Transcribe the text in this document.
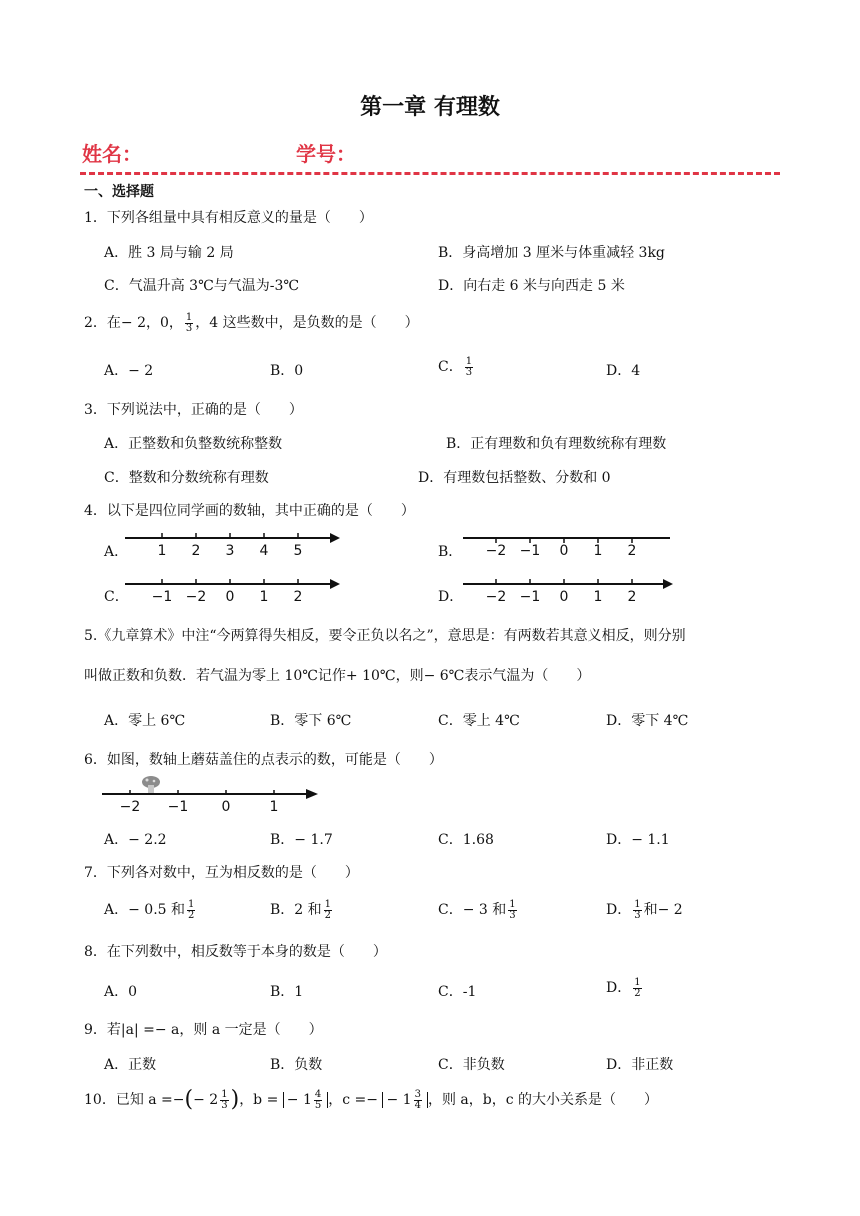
第一章 有理数
姓名：	学号：
一、选择题
1．下列各组量中具有相反意义的量是（　　）
A．胜 3 局与输 2 局	B．身高增加 3 厘米与体重减轻 3kg
C．气温升高 3℃与气温为-3℃	D．向右走 6 米与向西走 5 米
2．在− 2，0， $\frac{1}{3}$ ，4 这些数中，是负数的是（　　）
A．− 2	B．0	C． $\frac{1}{3}$	D．4
3．下列说法中，正确的是（　　）
A．正整数和负整数统称整数	B．正有理数和负有理数统称有理数
C．整数和分数统称有理数	D．有理数包括整数、分数和 0
4．以下是四位同学画的数轴，其中正确的是（　　）
A．	B．
C．	D．
1 2 3 4 5	−2 −1 0 1 2
−1 −2 0 1 2	−2 −1 0 1 2
5.《九章算术》中注“今两算得失相反，要令正负以名之”，意思是：有两数若其意义相反，则分别
叫做正数和负数．若气温为零上 10℃记作+ 10℃，则− 6℃表示气温为（　　）
A．零上 6℃	B．零下 6℃	C．零上 4℃	D．零下 4℃
6．如图，数轴上蘑菇盖住的点表示的数，可能是（　　）
−2 −1 0	1
A．− 2.2	B．− 1.7	C．1.68	D．− 1.1
7．下列各对数中，互为相反数的是（　　）
A．− 0.5 和 $\frac{1}{2}$	B．2 和 $\frac{1}{2}$	C．− 3 和 $\frac{1}{3}$	D． $\frac{1}{3}$ 和− 2
8．在下列数中，相反数等于本身的数是（　　）
A．0	B．1	C．-1	D． $\frac{1}{2}$
9．若|a| =− a，则 a 一定是（　　）
A．正数	B．负数	C．非负数	D．非正数
10．已知 a =−(− $2 \frac{1}{3}$ )，b = − $1 \frac{4}{5}$ ，c =− − $1 \frac{3}{4}$ ，则 a，b，c 的大小关系是（　　）
